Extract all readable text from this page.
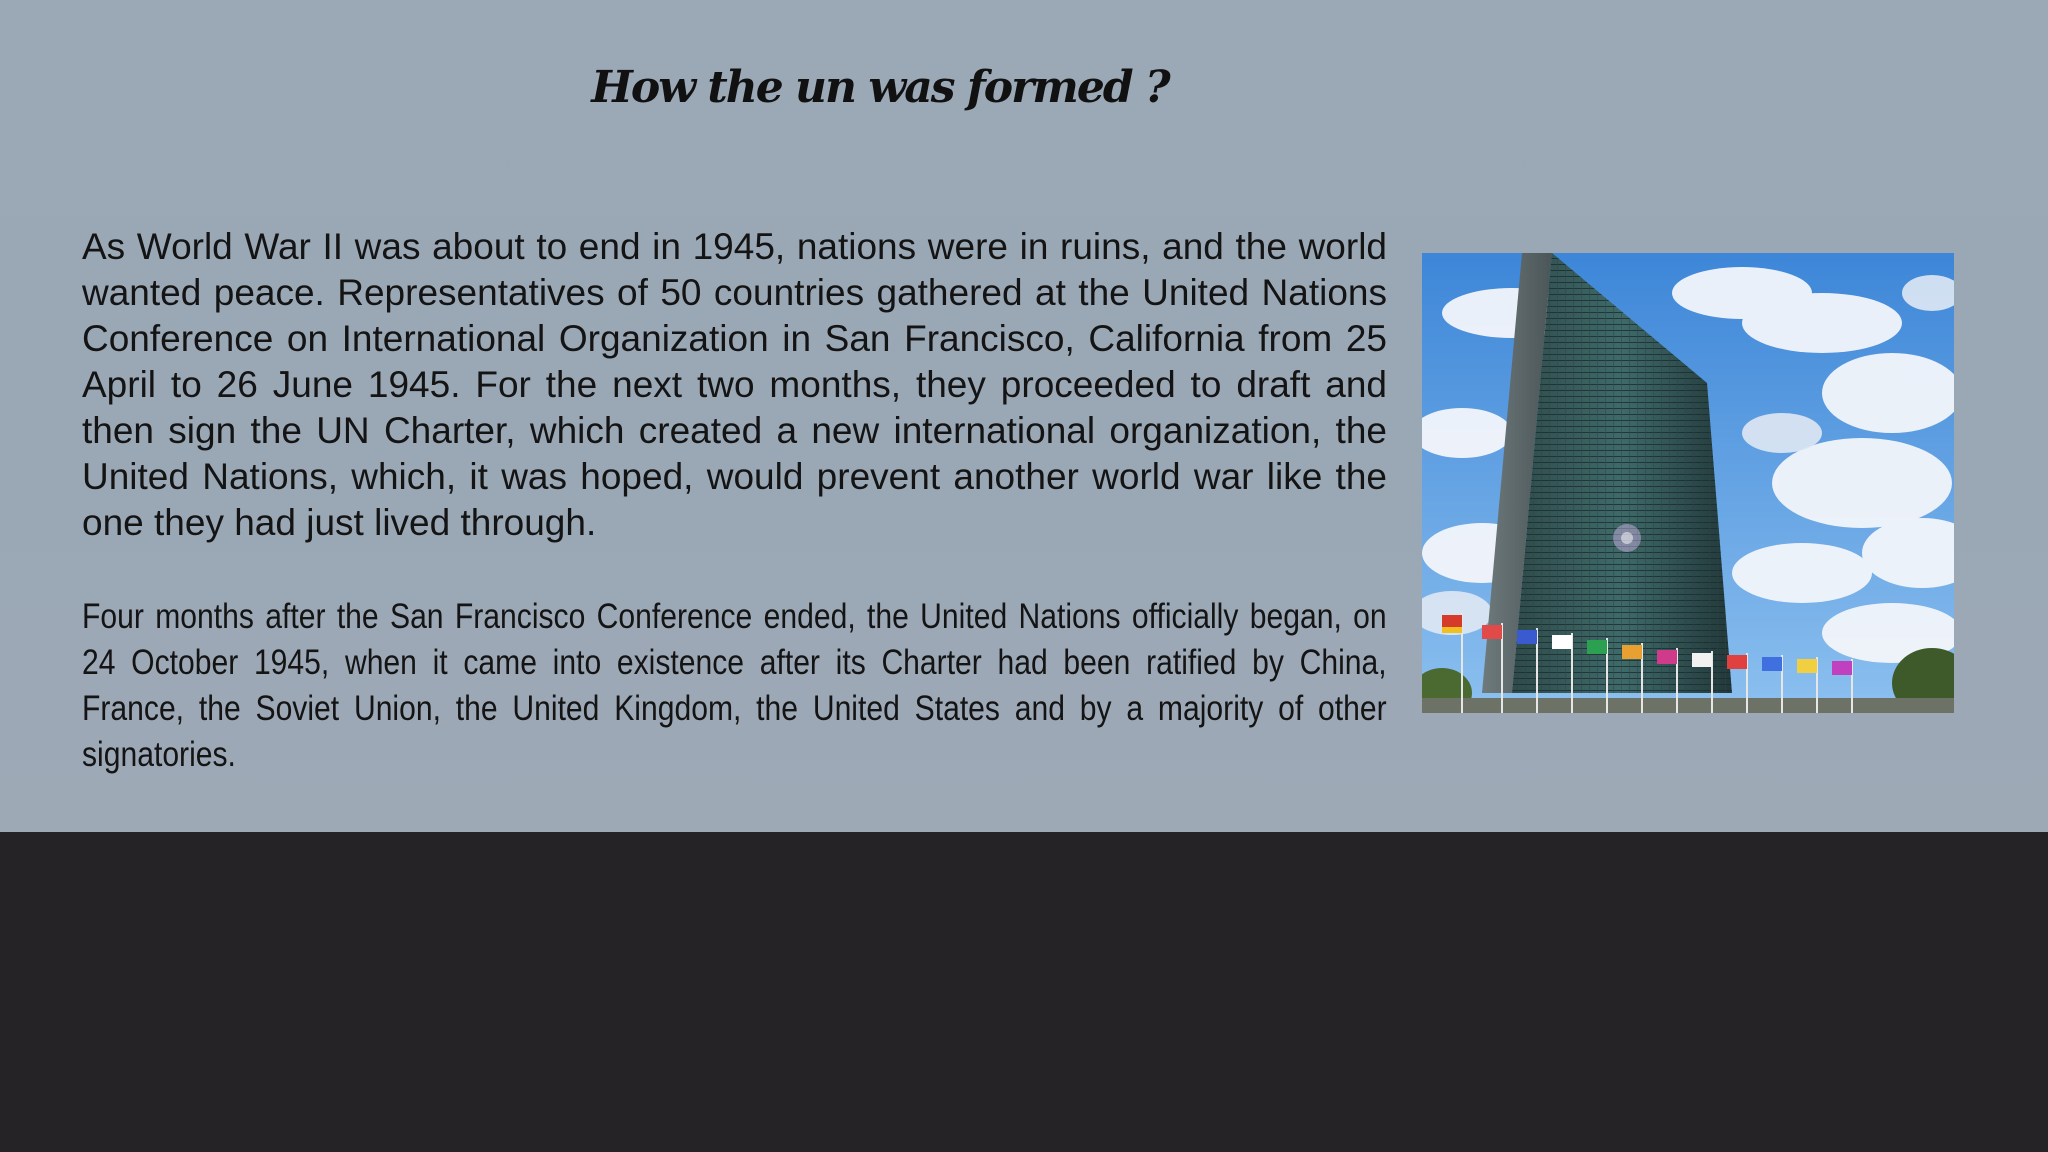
How the un was formed ?

As World War II was about to end in 1945, nations were in ruins, and the world wanted peace. Representatives of 50 countries gathered at the United Nations Conference on International Organization in San Francisco, California from 25 April to 26 June 1945. For the next two months, they proceeded to draft and then sign the UN Charter, which created a new international organization, the United Nations, which, it was hoped, would prevent another world war like the one they had just lived through.

Four months after the San Francisco Conference ended, the United Nations officially began, on 24 October 1945, when it came into existence after its Charter had been ratified by China, France, the Soviet Union, the United Kingdom, the United States and by a majority of other signatories.
